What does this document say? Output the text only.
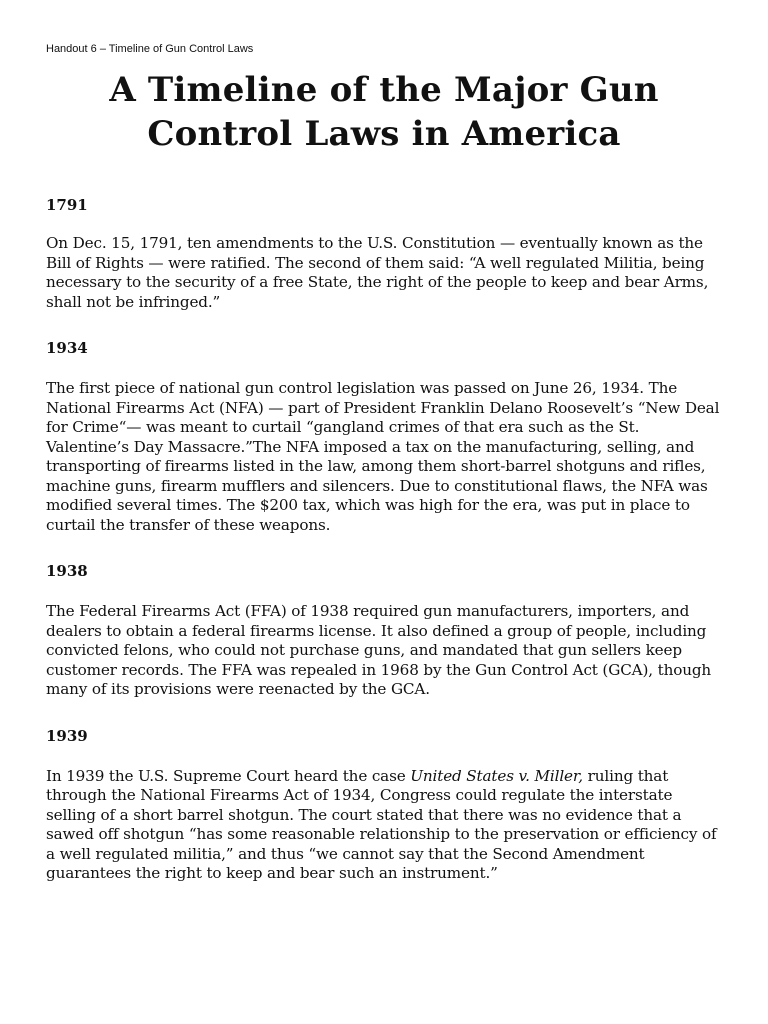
Handout 6 – Timeline of Gun Control Laws

A Timeline of the Major Gun Control Laws in America

1791

On Dec. 15, 1791, ten amendments to the U.S. Constitution — eventually known as the Bill of Rights — were ratified. The second of them said: “A well regulated Militia, being necessary to the security of a free State, the right of the people to keep and bear Arms, shall not be infringed.”

1934

The first piece of national gun control legislation was passed on June 26, 1934. The National Firearms Act (NFA) — part of President Franklin Delano Roosevelt’s “New Deal for Crime“— was meant to curtail “gangland crimes of that era such as the St. Valentine’s Day Massacre.”The NFA imposed a tax on the manufacturing, selling, and transporting of firearms listed in the law, among them short-barrel shotguns and rifles, machine guns, firearm mufflers and silencers. Due to constitutional flaws, the NFA was modified several times. The $200 tax, which was high for the era, was put in place to curtail the transfer of these weapons.

1938

The Federal Firearms Act (FFA) of 1938 required gun manufacturers, importers, and dealers to obtain a federal firearms license. It also defined a group of people, including convicted felons, who could not purchase guns, and mandated that gun sellers keep customer records. The FFA was repealed in 1968 by the Gun Control Act (GCA), though many of its provisions were reenacted by the GCA.

1939

In 1939 the U.S. Supreme Court heard the case United States v. Miller, ruling that through the National Firearms Act of 1934, Congress could regulate the interstate selling of a short barrel shotgun. The court stated that there was no evidence that a sawed off shotgun “has some reasonable relationship to the preservation or efficiency of a well regulated militia,” and thus “we cannot say that the Second Amendment guarantees the right to keep and bear such an instrument.”
